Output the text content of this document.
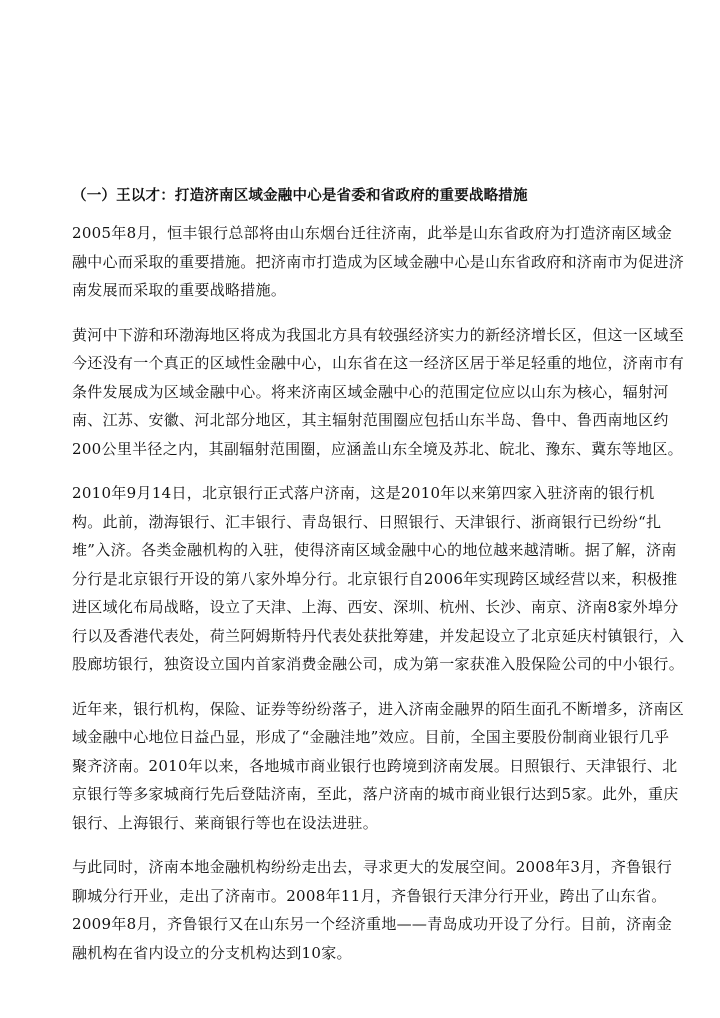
（一）王以才：打造济南区域金融中心是省委和省政府的重要战略措施

2005年8月，恒丰银行总部将由山东烟台迁往济南，此举是山东省政府为打造济南区域金
融中心而采取的重要措施。把济南市打造成为区域金融中心是山东省政府和济南市为促进济
南发展而采取的重要战略措施。

黄河中下游和环渤海地区将成为我国北方具有较强经济实力的新经济增长区，但这一区域至
今还没有一个真正的区域性金融中心，山东省在这一经济区居于举足轻重的地位，济南市有
条件发展成为区域金融中心。将来济南区域金融中心的范围定位应以山东为核心，辐射河
南、江苏、安徽、河北部分地区，其主辐射范围圈应包括山东半岛、鲁中、鲁西南地区约
200公里半径之内，其副辐射范围圈，应涵盖山东全境及苏北、皖北、豫东、冀东等地区。

2010年9月14日，北京银行正式落户济南，这是2010年以来第四家入驻济南的银行机
构。此前，渤海银行、汇丰银行、青岛银行、日照银行、天津银行、浙商银行已纷纷“扎
堆”入济。各类金融机构的入驻，使得济南区域金融中心的地位越来越清晰。据了解，济南
分行是北京银行开设的第八家外埠分行。北京银行自2006年实现跨区域经营以来，积极推
进区域化布局战略，设立了天津、上海、西安、深圳、杭州、长沙、南京、济南8家外埠分
行以及香港代表处，荷兰阿姆斯特丹代表处获批筹建，并发起设立了北京延庆村镇银行，入
股廊坊银行，独资设立国内首家消费金融公司，成为第一家获准入股保险公司的中小银行。

近年来，银行机构，保险、证券等纷纷落子，进入济南金融界的陌生面孔不断增多，济南区
域金融中心地位日益凸显，形成了“金融洼地”效应。目前，全国主要股份制商业银行几乎
聚齐济南。2010年以来，各地城市商业银行也跨境到济南发展。日照银行、天津银行、北
京银行等多家城商行先后登陆济南，至此，落户济南的城市商业银行达到5家。此外，重庆
银行、上海银行、莱商银行等也在设法进驻。

与此同时，济南本地金融机构纷纷走出去，寻求更大的发展空间。2008年3月，齐鲁银行
聊城分行开业，走出了济南市。2008年11月，齐鲁银行天津分行开业，跨出了山东省。
2009年8月，齐鲁银行又在山东另一个经济重地——青岛成功开设了分行。目前，济南金
融机构在省内设立的分支机构达到10家。
